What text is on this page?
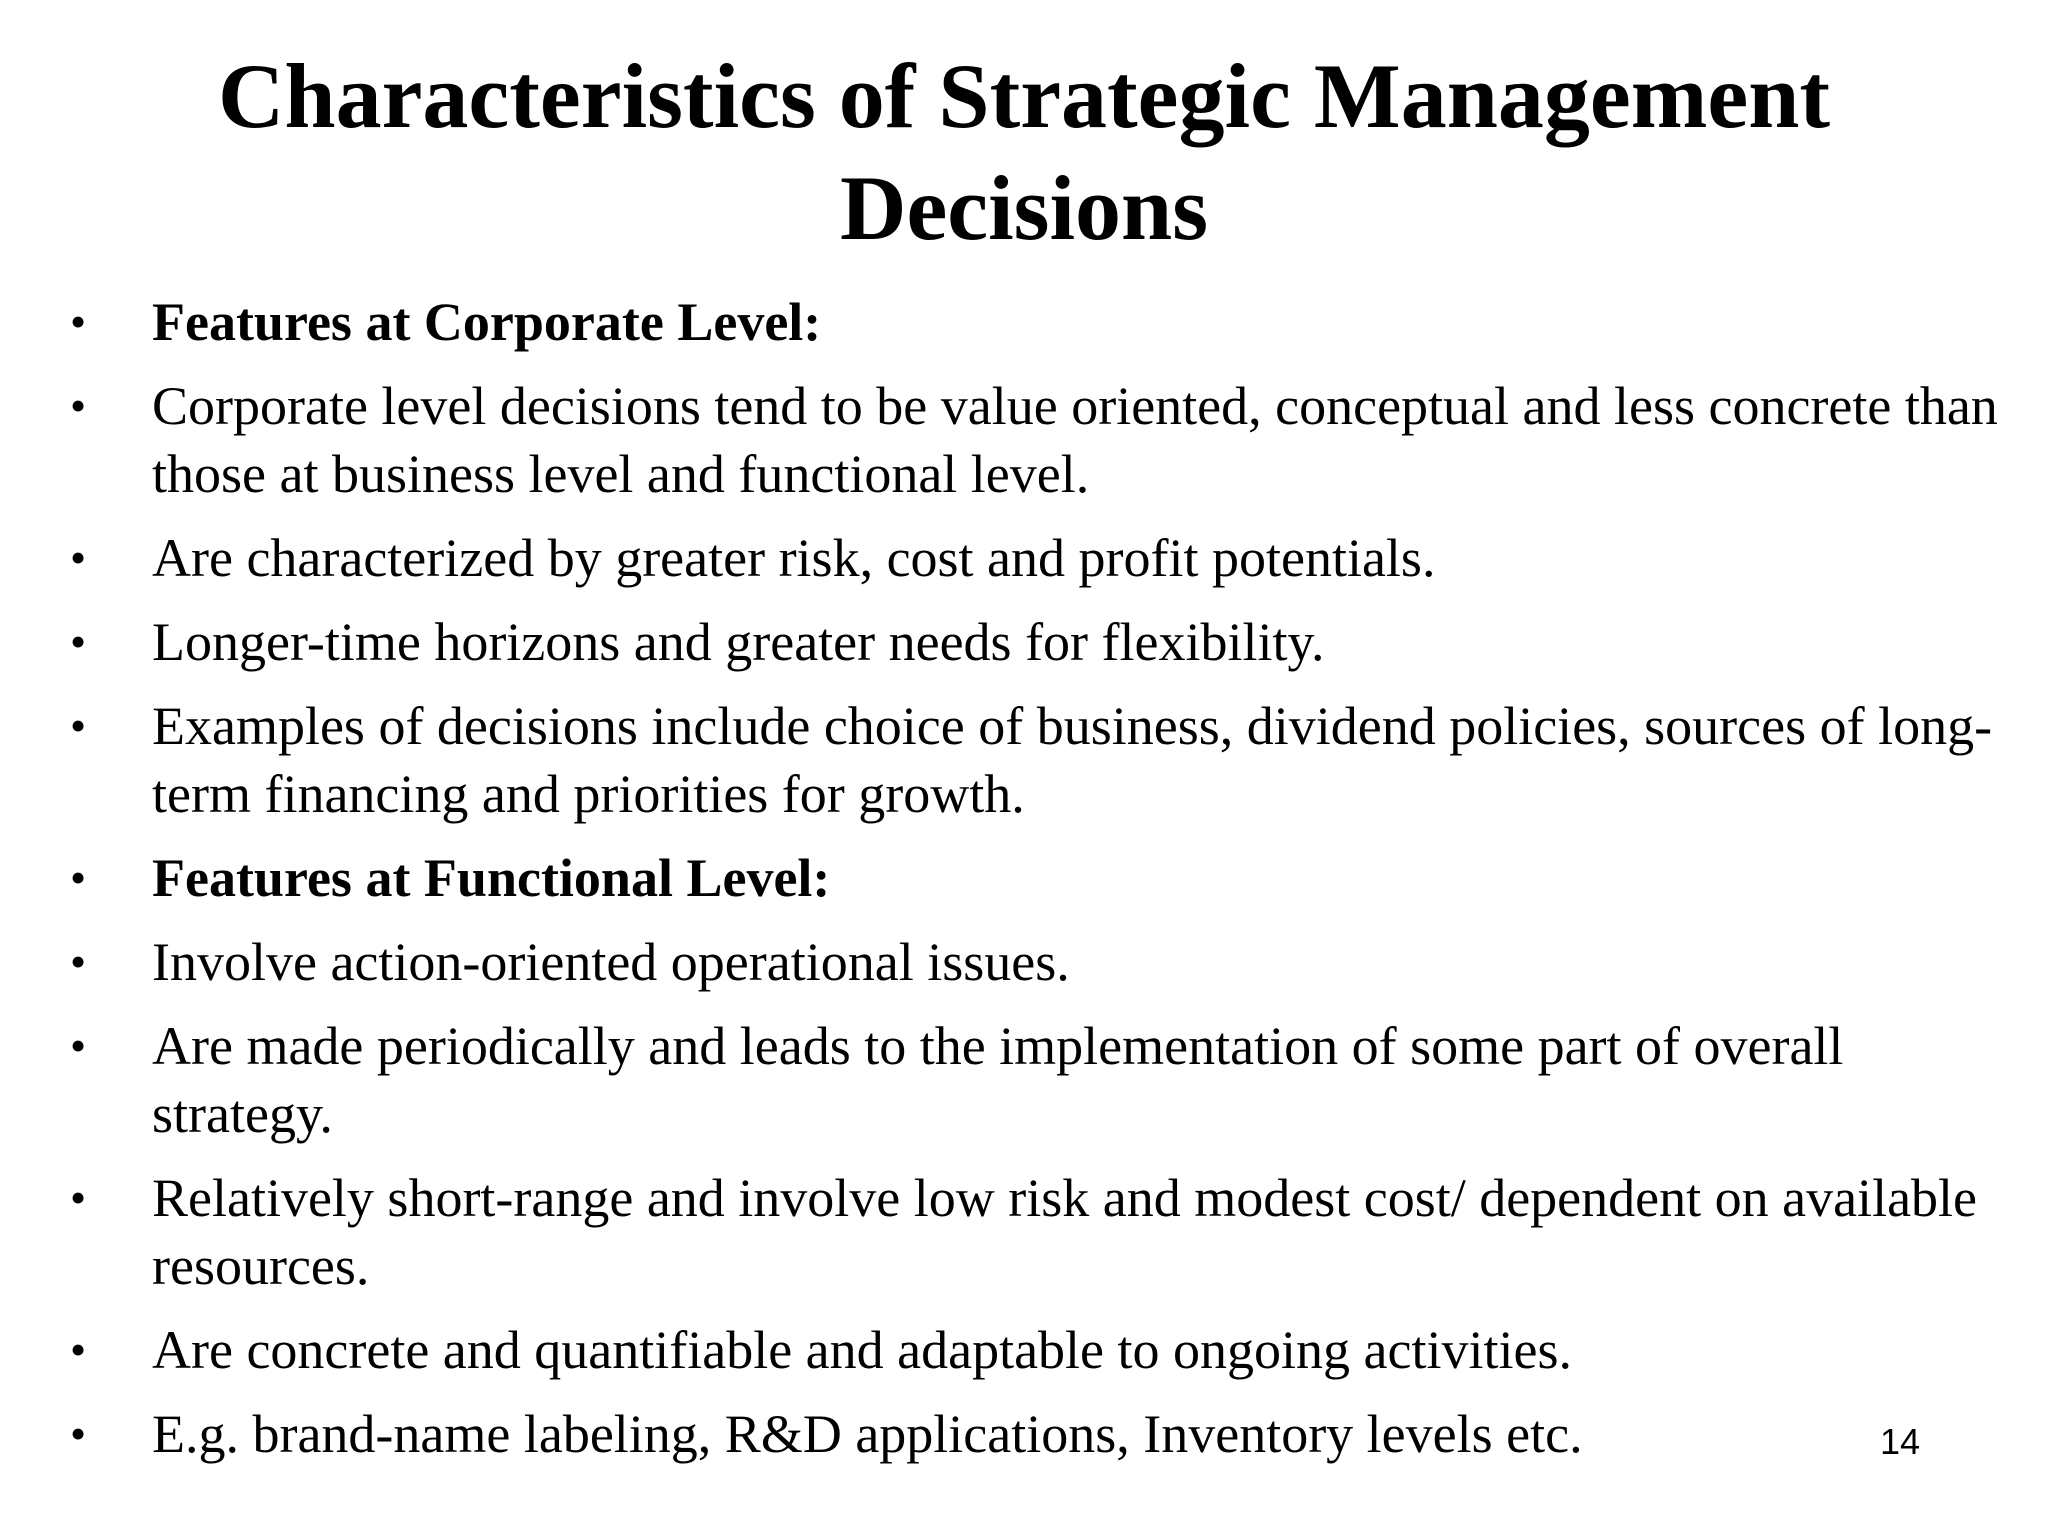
Characteristics of Strategic Management
Decisions
•	Features at Corporate Level:
•	Corporate level decisions tend to be value oriented, conceptual and less concrete than those at business level and functional level.
•	Are characterized by greater risk, cost and profit potentials.
•	Longer-time horizons and greater needs for flexibility.
•	Examples of decisions include choice of business, dividend policies, sources of long-term financing and priorities for growth.
•	Features at Functional Level:
•	Involve action-oriented operational issues.
•	Are made periodically and leads to the implementation of some part of overall strategy.
•	Relatively short-range and involve low risk and modest cost/ dependent on available resources.
•	Are concrete and quantifiable and adaptable to ongoing activities.
•	E.g. brand-name labeling, R&D applications, Inventory levels etc.	14
